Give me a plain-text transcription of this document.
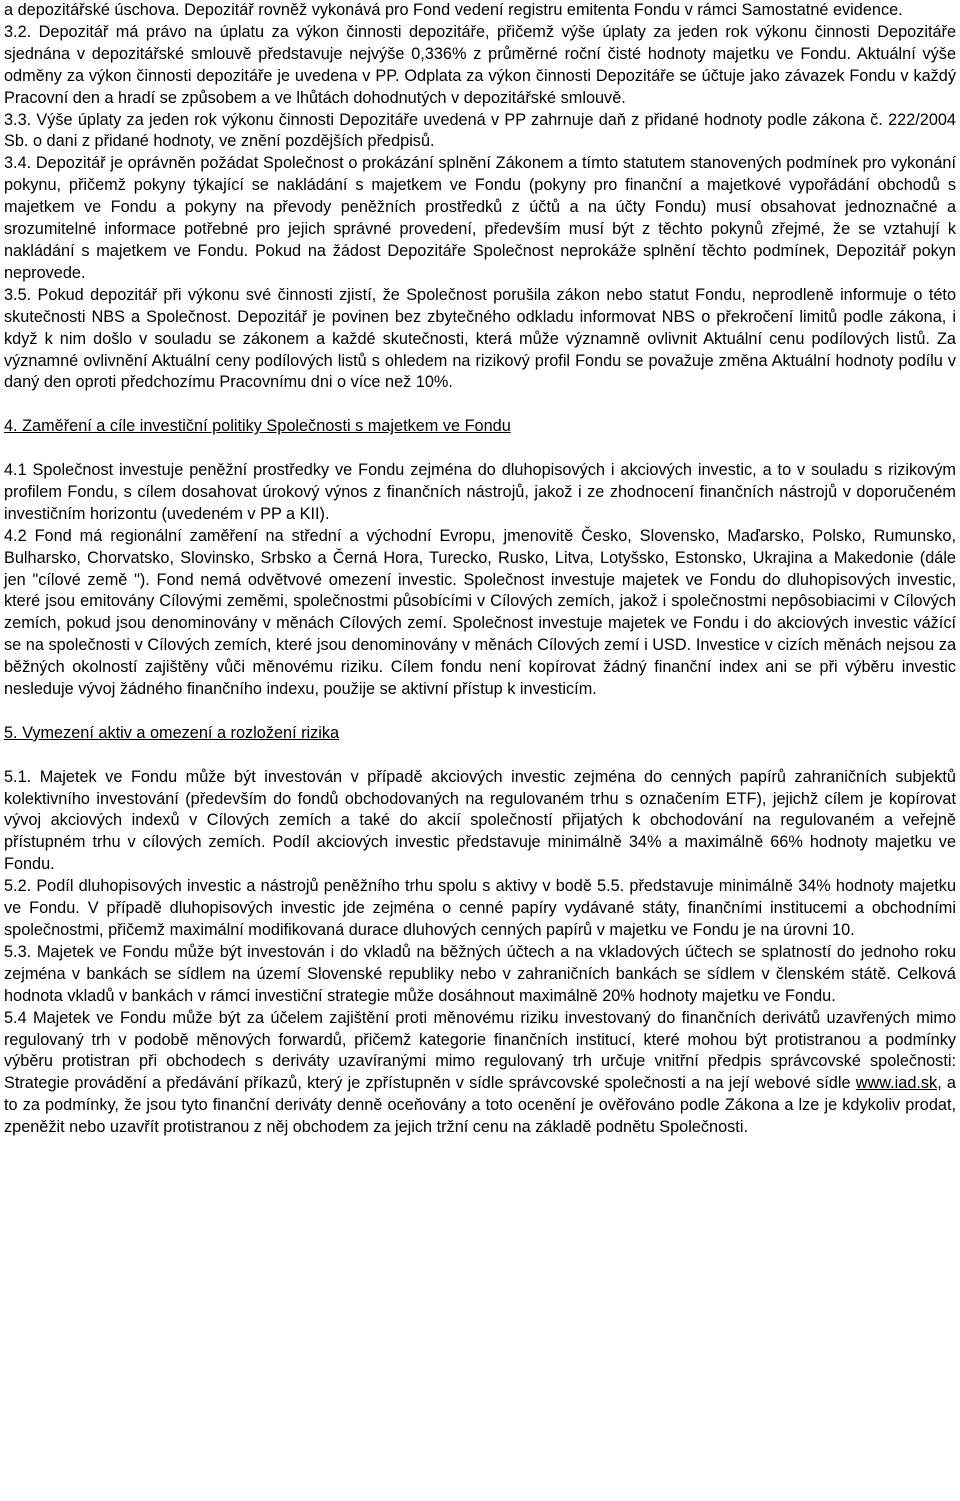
a depozitářské úschova. Depozitář rovněž vykonává pro Fond vedení registru emitenta Fondu v rámci Samostatné evidence.

3.2. Depozitář má právo na úplatu za výkon činnosti depozitáře, přičemž výše úplaty za jeden rok výkonu činnosti Depozitáře sjednána v depozitářské smlouvě představuje nejvýše 0,336% z průměrné roční čisté hodnoty majetku ve Fondu. Aktuální výše odměny za výkon činnosti depozitáře je uvedena v PP. Odplata za výkon činnosti Depozitáře se účtuje jako závazek Fondu v každý Pracovní den a hradí se způsobem a ve lhůtách dohodnutých v depozitářské smlouvě.

3.3. Výše úplaty za jeden rok výkonu činnosti Depozitáře uvedená v PP zahrnuje daň z přidané hodnoty podle zákona č. 222/2004 Sb. o dani z přidané hodnoty, ve znění pozdějších předpisů.

3.4. Depozitář je oprávněn požádat Společnost o prokázání splnění Zákonem a tímto statutem stanovených podmínek pro vykonání pokynu, přičemž pokyny týkající se nakládání s majetkem ve Fondu (pokyny pro finanční a majetkové vypořádání obchodů s majetkem ve Fondu a pokyny na převody peněžních prostředků z účtů a na účty Fondu) musí obsahovat jednoznačné a srozumitelné informace potřebné pro jejich správné provedení, především musí být z těchto pokynů zřejmé, že se vztahují k nakládání s majetkem ve Fondu. Pokud na žádost Depozitáře Společnost neprokáže splnění těchto podmínek, Depozitář pokyn neprovede.

3.5. Pokud depozitář při výkonu své činnosti zjistí, že Společnost porušila zákon nebo statut Fondu, neprodleně informuje o této skutečnosti NBS a Společnost. Depozitář je povinen bez zbytečného odkladu informovat NBS o překročení limitů podle zákona, i když k nim došlo v souladu se zákonem a každé skutečnosti, která může významně ovlivnit Aktuální cenu podílových listů. Za významné ovlivnění Aktuální ceny podílových listů s ohledem na rizikový profil Fondu se považuje změna Aktuální hodnoty podílu v daný den oproti předchozímu Pracovnímu dni o více než 10%.

4. Zaměření a cíle investiční politiky Společnosti s majetkem ve Fondu

4.1 Společnost investuje peněžní prostředky ve Fondu zejména do dluhopisových i akciových investic, a to v souladu s rizikovým profilem Fondu, s cílem dosahovat úrokový výnos z finančních nástrojů, jakož i ze zhodnocení finančních nástrojů v doporučeném investičním horizontu (uvedeném v PP a KII).

4.2 Fond má regionální zaměření na střední a východní Evropu, jmenovitě Česko, Slovensko, Maďarsko, Polsko, Rumunsko, Bulharsko, Chorvatsko, Slovinsko, Srbsko a Černá Hora, Turecko, Rusko, Litva, Lotyšsko, Estonsko, Ukrajina a Makedonie (dále jen "cílové země "). Fond nemá odvětvové omezení investic. Společnost investuje majetek ve Fondu do dluhopisových investic, které jsou emitovány Cílovými zeměmi, společnostmi působícími v Cílových zemích, jakož i společnostmi nepôsobiacimi v Cílových zemích, pokud jsou denominovány v měnách Cílových zemí. Společnost investuje majetek ve Fondu i do akciových investic vážící se na společnosti v Cílových zemích, které jsou denominovány v měnách Cílových zemí i USD. Investice v cizích měnách nejsou za běžných okolností zajištěny vůči měnovému riziku. Cílem fondu není kopírovat žádný finanční index ani se při výběru investic nesleduje vývoj žádného finančního indexu, použije se aktivní přístup k investicím.

5. Vymezení aktiv a omezení a rozložení rizika

5.1. Majetek ve Fondu může být investován v případě akciových investic zejména do cenných papírů zahraničních subjektů kolektivního investování (především do fondů obchodovaných na regulovaném trhu s označením ETF), jejichž cílem je kopírovat vývoj akciových indexů v Cílových zemích a také do akcií společností přijatých k obchodování na regulovaném a veřejně přístupném trhu v cílových zemích. Podíl akciových investic představuje minimálně 34% a maximálně 66% hodnoty majetku ve Fondu.

5.2. Podíl dluhopisových investic a nástrojů peněžního trhu spolu s aktivy v bodě 5.5. představuje minimálně 34% hodnoty majetku ve Fondu. V případě dluhopisových investic jde zejména o cenné papíry vydávané státy, finančními institucemi a obchodními společnostmi, přičemž maximální modifikovaná durace dluhových cenných papírů v majetku ve Fondu je na úrovni 10.

5.3. Majetek ve Fondu může být investován i do vkladů na běžných účtech a na vkladových účtech se splatností do jednoho roku zejména v bankách se sídlem na území Slovenské republiky nebo v zahraničních bankách se sídlem v členském státě. Celková hodnota vkladů v bankách v rámci investiční strategie může dosáhnout maximálně 20% hodnoty majetku ve Fondu.

5.4 Majetek ve Fondu může být za účelem zajištění proti měnovému riziku investovaný do finančních derivátů uzavřených mimo regulovaný trh v podobě měnových forwardů, přičemž kategorie finančních institucí, které mohou být protistranou a podmínky výběru protistran při obchodech s deriváty uzavíranými mimo regulovaný trh určuje vnitřní předpis správcovské společnosti: Strategie provádění a předávání příkazů, který je zpřístupněn v sídle správcovské společnosti a na její webové sídle www.iad.sk, a to za podmínky, že jsou tyto finanční deriváty denně oceňovány a toto ocenění je ověřováno podle Zákona a lze je kdykoliv prodat, zpeněžit nebo uzavřít protistranou z něj obchodem za jejich tržní cenu na základě podnětu Společnosti.
